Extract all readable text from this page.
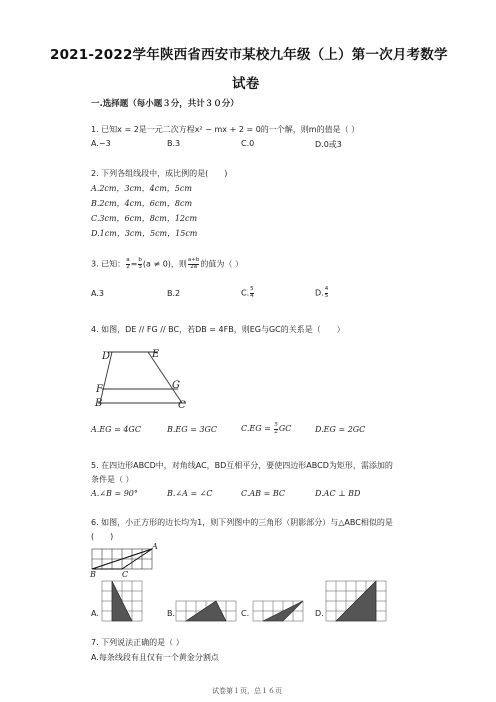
2021-2022学年陕西省西安市某校九年级（上）第一次月考数学
试卷
一.选择题（每小题３分，共计３０分）
1. 已知x = 2是一元二次方程x² − mx + 2 = 0的一个解，则m的值是（ ）
A.−3	B.3	C.0	D.0或3
2. 下列各组线段中，成比例的是(　　)
A.2cm，3cm，4cm，5cm
B.2cm，4cm，6cm，8cm
C.3cm，6cm，8cm，12cm
D.1cm，3cm，5cm，15cm
3. 已知： $\frac{a}{2} = \frac{b}{3} (a \ne 0)$，则 $\frac{a+b}{2a}$ 的值为（ ）
A.3	B.2	C. $\frac{5}{4}$	D. $\frac{4}{5}$
4. 如图，DE // FG // BC，若DB = 4FB，则EG与GC的关系是（　　）
D	E
F	G
B	C
A.EG = 4GC	B.EG = 3GC	$C.EG = \frac{5}{2}$ GC	D.EG = 2GC
5. 在四边形ABCD中，对角线AC，BD互相平分，要使四边形ABCD为矩形，需添加的
条件是（ ）
A.∠B = 90°	B.∠A = ∠C	C.AB = BC	D.AC ⊥ BD
6. 如图，小正方形的边长均为1，则下列图中的三角形（阴影部分）与△ABC相似的是
(　　)
A
B	C
A.	B.	C.	D.
7. 下列说法正确的是（ ）
A.每条线段有且仅有一个黄金分割点
试卷第１页，总１６页
